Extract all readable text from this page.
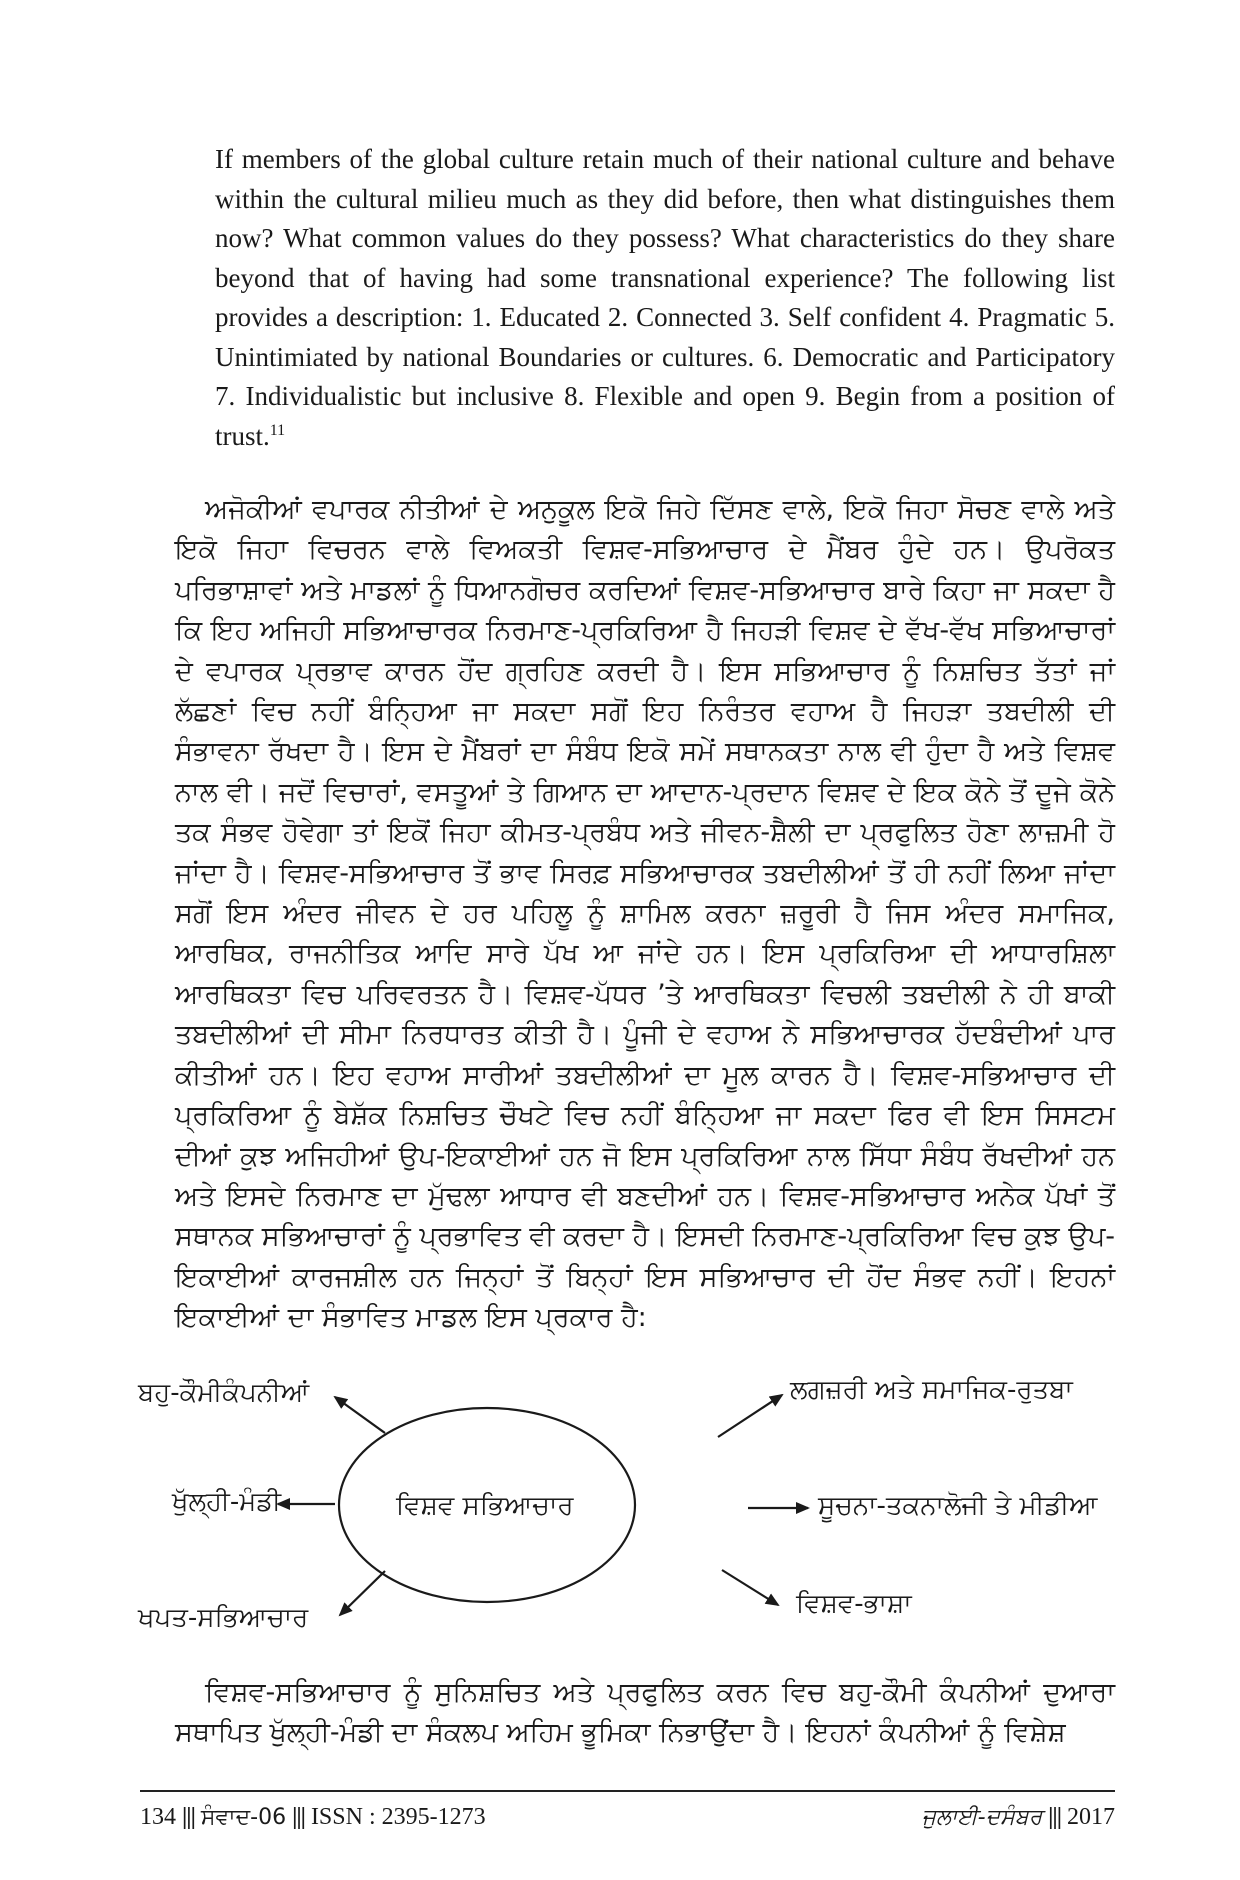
If members of the global culture retain much of their national culture and behave within the cultural milieu much as they did before, then what distinguishes them now? What common values do they possess? What characteristics do they share beyond that of having had some transnational experience? The following list provides a description: 1. Educated 2. Connected 3. Self confident 4. Pragmatic 5. Unintimiated by national Boundaries or cultures. 6. Democratic and Participatory 7. Individualistic but inclusive 8. Flexible and open 9. Begin from a position of trust.$^{11}$

ਅਜੋਕੀਆਂ ਵਪਾਰਕ ਨੀਤੀਆਂ ਦੇ ਅਨੁਕੂਲ ਇਕੋ ਜਿਹੇ ਦਿੱਸਣ ਵਾਲੇ, ਇਕੋ ਜਿਹਾ ਸੋਚਣ ਵਾਲੇ ਅਤੇ ਇਕੋ ਜਿਹਾ ਵਿਚਰਨ ਵਾਲੇ ਵਿਅਕਤੀ ਵਿਸ਼ਵ-ਸਭਿਆਚਾਰ ਦੇ ਮੈਂਬਰ ਹੁੰਦੇ ਹਨ। ਉਪਰੋਕਤ ਪਰਿਭਾਸ਼ਾਵਾਂ ਅਤੇ ਮਾਡਲਾਂ ਨੂੰ ਧਿਆਨਗੋਚਰ ਕਰਦਿਆਂ ਵਿਸ਼ਵ-ਸਭਿਆਚਾਰ ਬਾਰੇ ਕਿਹਾ ਜਾ ਸਕਦਾ ਹੈ ਕਿ ਇਹ ਅਜਿਹੀ ਸਭਿਆਚਾਰਕ ਨਿਰਮਾਣ-ਪ੍ਰਕਿਰਿਆ ਹੈ ਜਿਹੜੀ ਵਿਸ਼ਵ ਦੇ ਵੱਖ-ਵੱਖ ਸਭਿਆਚਾਰਾਂ ਦੇ ਵਪਾਰਕ ਪ੍ਰਭਾਵ ਕਾਰਨ ਹੋਂਦ ਗ੍ਰਹਿਣ ਕਰਦੀ ਹੈ। ਇਸ ਸਭਿਆਚਾਰ ਨੂੰ ਨਿਸ਼ਚਿਤ ਤੱਤਾਂ ਜਾਂ ਲੱਛਣਾਂ ਵਿਚ ਨਹੀਂ ਬੰਨ੍ਹਿਆ ਜਾ ਸਕਦਾ ਸਗੋਂ ਇਹ ਨਿਰੰਤਰ ਵਹਾਅ ਹੈ ਜਿਹੜਾ ਤਬਦੀਲੀ ਦੀ ਸੰਭਾਵਨਾ ਰੱਖਦਾ ਹੈ। ਇਸ ਦੇ ਮੈਂਬਰਾਂ ਦਾ ਸੰਬੰਧ ਇਕੋ ਸਮੇਂ ਸਥਾਨਕਤਾ ਨਾਲ ਵੀ ਹੁੰਦਾ ਹੈ ਅਤੇ ਵਿਸ਼ਵ ਨਾਲ ਵੀ। ਜਦੋਂ ਵਿਚਾਰਾਂ, ਵਸਤੂਆਂ ਤੇ ਗਿਆਨ ਦਾ ਆਦਾਨ-ਪ੍ਰਦਾਨ ਵਿਸ਼ਵ ਦੇ ਇਕ ਕੋਨੇ ਤੋਂ ਦੂਜੇ ਕੋਨੇ ਤਕ ਸੰਭਵ ਹੋਵੇਗਾ ਤਾਂ ਇਕੋਂ ਜਿਹਾ ਕੀਮਤ-ਪ੍ਰਬੰਧ ਅਤੇ ਜੀਵਨ-ਸ਼ੈਲੀ ਦਾ ਪ੍ਰਫੁਲਿਤ ਹੋਣਾ ਲਾਜ਼ਮੀ ਹੋ ਜਾਂਦਾ ਹੈ। ਵਿਸ਼ਵ-ਸਭਿਆਚਾਰ ਤੋਂ ਭਾਵ ਸਿਰਫ਼ ਸਭਿਆਚਾਰਕ ਤਬਦੀਲੀਆਂ ਤੋਂ ਹੀ ਨਹੀਂ ਲਿਆ ਜਾਂਦਾ ਸਗੋਂ ਇਸ ਅੰਦਰ ਜੀਵਨ ਦੇ ਹਰ ਪਹਿਲੂ ਨੂੰ ਸ਼ਾਮਿਲ ਕਰਨਾ ਜ਼ਰੂਰੀ ਹੈ ਜਿਸ ਅੰਦਰ ਸਮਾਜਿਕ, ਆਰਥਿਕ, ਰਾਜਨੀਤਿਕ ਆਦਿ ਸਾਰੇ ਪੱਖ ਆ ਜਾਂਦੇ ਹਨ। ਇਸ ਪ੍ਰਕਿਰਿਆ ਦੀ ਆਧਾਰਸ਼ਿਲਾ ਆਰਥਿਕਤਾ ਵਿਚ ਪਰਿਵਰਤਨ ਹੈ। ਵਿਸ਼ਵ-ਪੱਧਰ ’ਤੇ ਆਰਥਿਕਤਾ ਵਿਚਲੀ ਤਬਦੀਲੀ ਨੇ ਹੀ ਬਾਕੀ ਤਬਦੀਲੀਆਂ ਦੀ ਸੀਮਾ ਨਿਰਧਾਰਤ ਕੀਤੀ ਹੈ। ਪੂੰਜੀ ਦੇ ਵਹਾਅ ਨੇ ਸਭਿਆਚਾਰਕ ਹੱਦਬੰਦੀਆਂ ਪਾਰ ਕੀਤੀਆਂ ਹਨ। ਇਹ ਵਹਾਅ ਸਾਰੀਆਂ ਤਬਦੀਲੀਆਂ ਦਾ ਮੂਲ ਕਾਰਨ ਹੈ। ਵਿਸ਼ਵ-ਸਭਿਆਚਾਰ ਦੀ ਪ੍ਰਕਿਰਿਆ ਨੂੰ ਬੇਸ਼ੱਕ ਨਿਸ਼ਚਿਤ ਚੌਖਟੇ ਵਿਚ ਨਹੀਂ ਬੰਨ੍ਹਿਆ ਜਾ ਸਕਦਾ ਫਿਰ ਵੀ ਇਸ ਸਿਸਟਮ ਦੀਆਂ ਕੁਝ ਅਜਿਹੀਆਂ ਉਪ-ਇਕਾਈਆਂ ਹਨ ਜੋ ਇਸ ਪ੍ਰਕਿਰਿਆ ਨਾਲ ਸਿੱਧਾ ਸੰਬੰਧ ਰੱਖਦੀਆਂ ਹਨ ਅਤੇ ਇਸਦੇ ਨਿਰਮਾਣ ਦਾ ਮੁੱਢਲਾ ਆਧਾਰ ਵੀ ਬਣਦੀਆਂ ਹਨ। ਵਿਸ਼ਵ-ਸਭਿਆਚਾਰ ਅਨੇਕ ਪੱਖਾਂ ਤੋਂ ਸਥਾਨਕ ਸਭਿਆਚਾਰਾਂ ਨੂੰ ਪ੍ਰਭਾਵਿਤ ਵੀ ਕਰਦਾ ਹੈ। ਇਸਦੀ ਨਿਰਮਾਣ-ਪ੍ਰਕਿਰਿਆ ਵਿਚ ਕੁਝ ਉਪ-ਇਕਾਈਆਂ ਕਾਰਜਸ਼ੀਲ ਹਨ ਜਿਨ੍ਹਾਂ ਤੋਂ ਬਿਨ੍ਹਾਂ ਇਸ ਸਭਿਆਚਾਰ ਦੀ ਹੋਂਦ ਸੰਭਵ ਨਹੀਂ। ਇਹਨਾਂ ਇਕਾਈਆਂ ਦਾ ਸੰਭਾਵਿਤ ਮਾਡਲ ਇਸ ਪ੍ਰਕਾਰ ਹੈ:

ਵਿਸ਼ਵ ਸਭਿਆਚਾਰ
ਬਹੁ-ਕੌਮੀਕੰਪਨੀਆਂ
ਖੁੱਲ੍ਹੀ-ਮੰਡੀ
ਖਪਤ-ਸਭਿਆਚਾਰ
ਲਗਜ਼ਰੀ ਅਤੇ ਸਮਾਜਿਕ-ਰੁਤਬਾ
ਸੂਚਨਾ-ਤਕਨਾਲੋਜੀ ਤੇ ਮੀਡੀਆ
ਵਿਸ਼ਵ-ਭਾਸ਼ਾ

ਵਿਸ਼ਵ-ਸਭਿਆਚਾਰ ਨੂੰ ਸੁਨਿਸ਼ਚਿਤ ਅਤੇ ਪ੍ਰਫੁਲਿਤ ਕਰਨ ਵਿਚ ਬਹੁ-ਕੌਮੀ ਕੰਪਨੀਆਂ ਦੁਆਰਾ ਸਥਾਪਿਤ ਖੁੱਲ੍ਹੀ-ਮੰਡੀ ਦਾ ਸੰਕਲਪ ਅਹਿਮ ਭੂਮਿਕਾ ਨਿਭਾਉਂਦਾ ਹੈ। ਇਹਨਾਂ ਕੰਪਨੀਆਂ ਨੂੰ ਵਿਸ਼ੇਸ਼

134 ||| ਸੰਵਾਦ-06 ||| ISSN : 2395-1273	ਜੁਲਾਈ-ਦਸੰਬਰ ||| 2017
